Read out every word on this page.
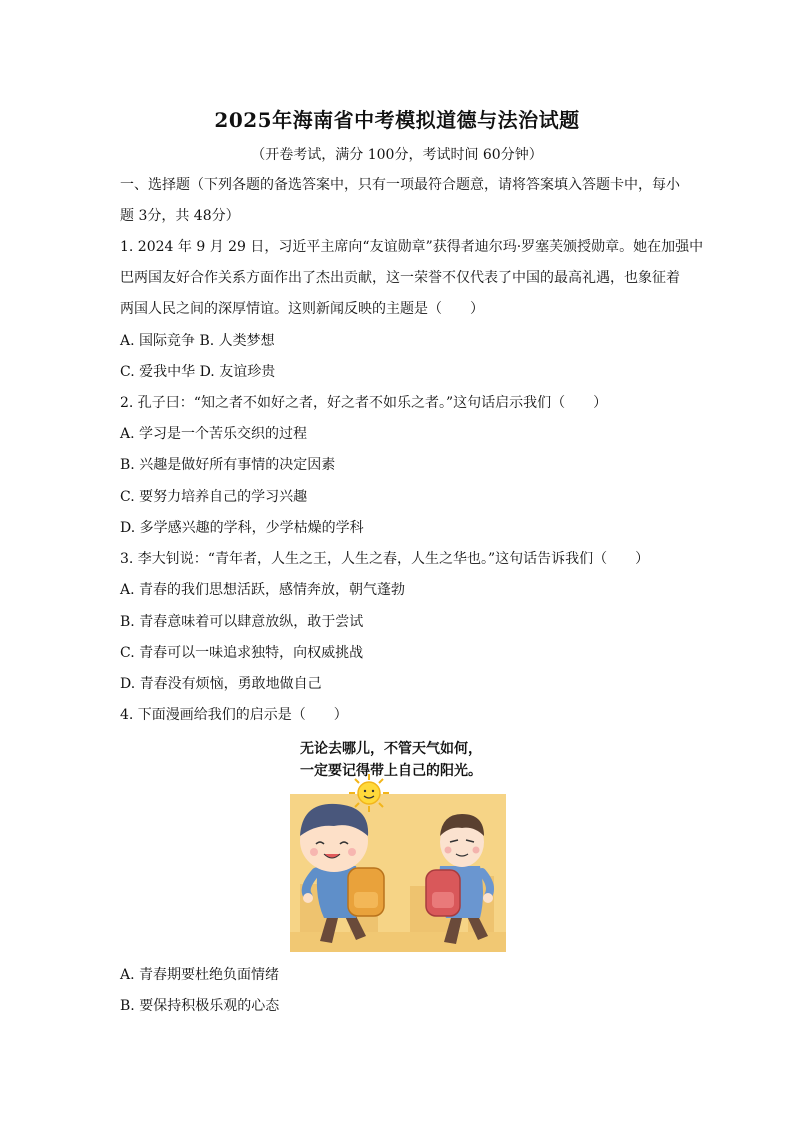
2025年海南省中考模拟道德与法治试题
（开卷考试，满分 100分，考试时间 60分钟）
一、选择题（下列各题的备选答案中，只有一项最符合题意，请将答案填入答题卡中，每小
题 3分，共 48分）
1. 2024 年 9 月 29 日，习近平主席向“友谊勋章”获得者迪尔玛·罗塞芙颁授勋章。她在加强中
巴两国友好合作关系方面作出了杰出贡献，这一荣誉不仅代表了中国的最高礼遇，也象征着
两国人民之间的深厚情谊。这则新闻反映的主题是（　　）
A. 国际竞争 B. 人类梦想
C. 爱我中华 D. 友谊珍贵
2. 孔子曰：“知之者不如好之者，好之者不如乐之者。”这句话启示我们（　　）
A. 学习是一个苦乐交织的过程
B. 兴趣是做好所有事情的决定因素
C. 要努力培养自己的学习兴趣
D. 多学感兴趣的学科，少学枯燥的学科
3. 李大钊说：“青年者，人生之王，人生之春，人生之华也。”这句话告诉我们（　　）
A. 青春的我们思想活跃，感情奔放，朝气蓬勃
B. 青春意味着可以肆意放纵，敢于尝试
C. 青春可以一味追求独特，向权威挑战
D. 青春没有烦恼，勇敢地做自己
4. 下面漫画给我们的启示是（　　）
无论去哪儿，不管天气如何，
一定要记得带上自己的阳光。
A. 青春期要杜绝负面情绪
B. 要保持积极乐观的心态
